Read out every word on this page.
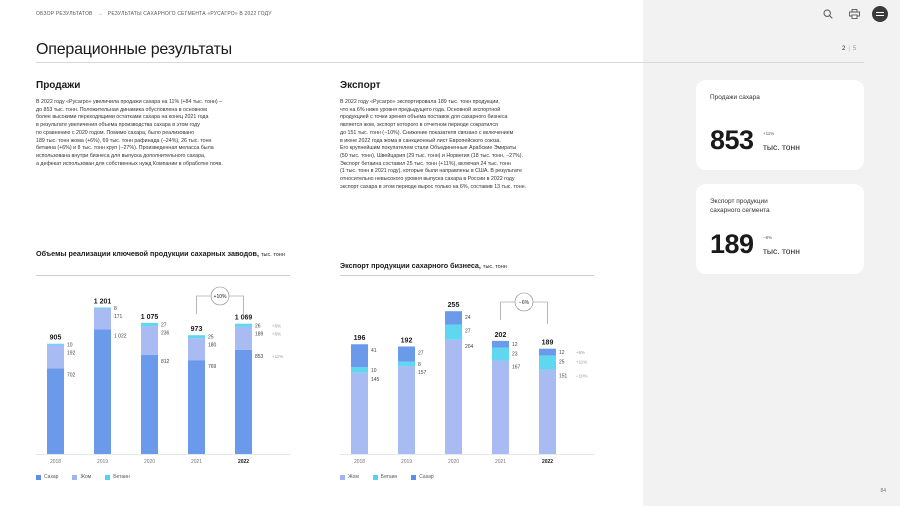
ОБЗОР РЕЗУЛЬТАТОВ → РЕЗУЛЬТАТЫ САХАРНОГО СЕГМЕНТА «РУСАГРО» В 2022 ГОДУ
Операционные результаты	2 | 5
Продажи

В 2022 году «Русагро» увеличила продажи сахара на 11% (+84 тыс. тонн) –
до 853 тыс. тонн. Положительная динамика обусловлена в основном
более высокими переходящими остатками сахара на конец 2021 года
в результате увеличения объема производства сахара в этом году
по сравнению с 2020 годом. Помимо сахара, было реализовано
189 тыс. тонн жома (+6%), 69 тыс. тонн рафинада (−24%), 26 тыс. тонн
бетаина (+6%) и 8 тыс. тонн круп (−27%). Произведенная меласса была
использована внутри бизнеса для выпуска дополнительного сахара,
а дефекат использован для собственных нужд Компании в обработке почв.

Экспорт

В 2022 году «Русагро» экспортировала 189 тыс. тонн продукции,
что на 6% ниже уровня предыдущего года. Основной экспортной
продукцией с точки зрения объема поставок для сахарного бизнеса
является жом, экспорт которого в отчетном периоде сократился
до 151 тыс. тонн (−10%). Снижение показателя связано с включением
в июне 2022 года жома в санкционный лист Европейского союза.
Его крупнейшим покупателем стали Объединенные Арабские Эмираты
(50 тыс. тонн), Швейцария (29 тыс. тонн) и Норвегия (18 тыс. тонн, −27%).
Экспорт бетаина составил 25 тыс. тонн (+11%), включая 24 тыс. тонн
(1 тыс. тонн в 2021 году), которые были направлены в США. В результате
относительно невысокого уровня выпуска сахара в России в 2022 году
экспорт сахара в этом периоде вырос только на 6%, составив 13 тыс. тонн.

Продажи сахара
853 +11%
тыс. тонн
Экспорт продукции
сахарного сегмента
189 −6%
тыс. тонн
Объемы реализации ключевой продукции сахарных заводов, тыс. тонн
905
10
192
702
2018
1 201
8
171
1 022
2019
1 075
27
236
812
2020
973
25
180
769
2021
1 069
26	+6%
189 +6%
853 +11%
2022
+10%
Сахар	Жом	Бетаин
Экспорт продукции сахарного бизнеса, тыс. тонн
196
41
10
145
2018
192
27
8
157
2019
255
24
27
204
2020
202
12
23
167
2021
189
12	+6%
25	+11%
151 −10%
2022
−6%
Жом	Бетаин	Сахар
84
